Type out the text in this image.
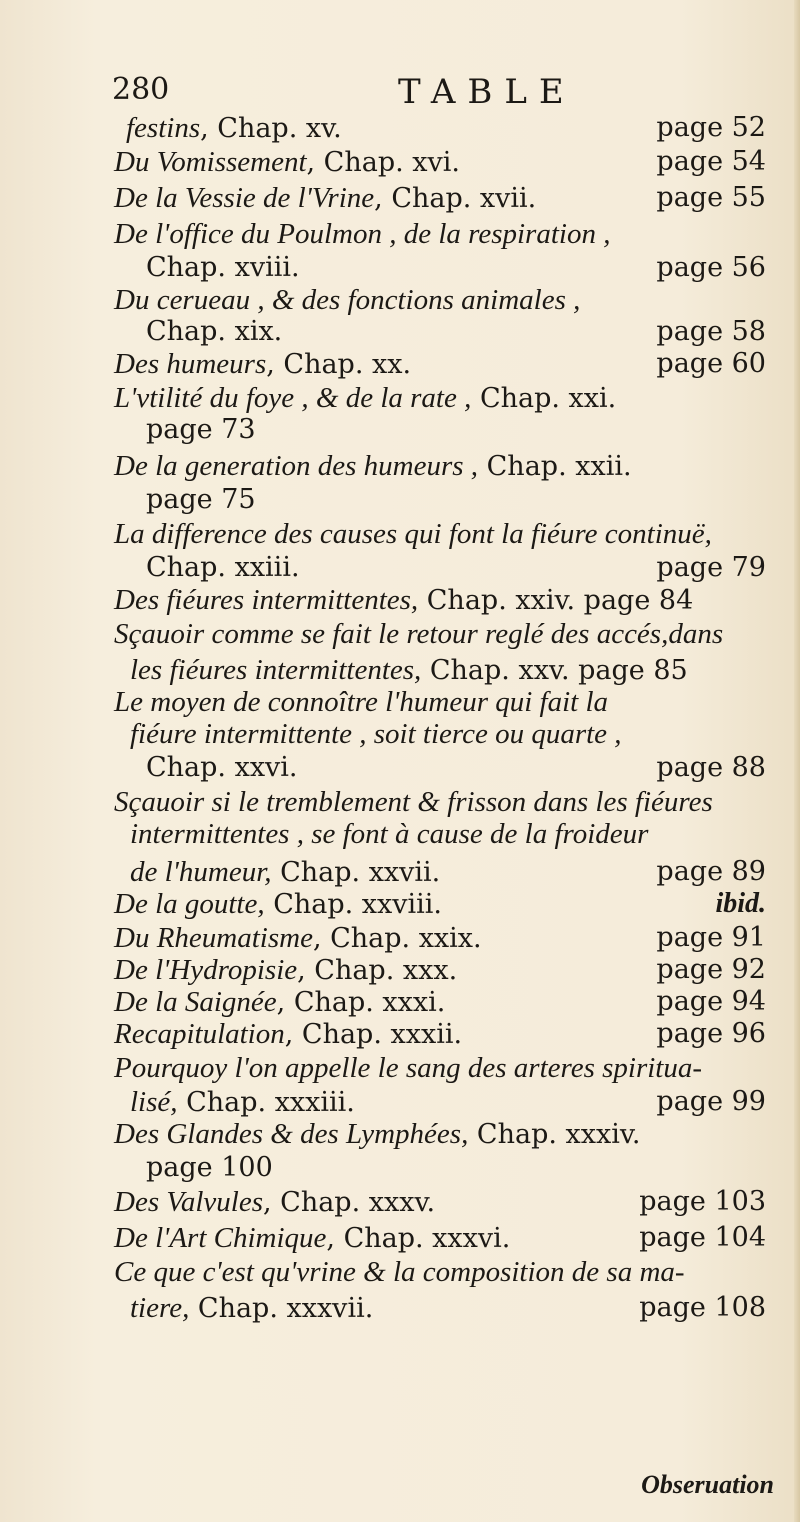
280	TABLE
festins, Chap. xv.	page 52
Du Vomissement, Chap. xvi.	page 54
De la Vessie de l'Vrine, Chap. xvii.	page 55
De l'office du Poulmon , de la respiration ,
Chap. xviii.	page 56
Du cerueau , & des fonctions animales ,
Chap. xix.	page 58
Des humeurs, Chap. xx.	page 60
L'vtilité du foye , & de la rate , Chap. xxi.
page 73
De la generation des humeurs , Chap. xxii.
page 75
La difference des causes qui font la fiéure continuë,
Chap. xxiii.	page 79
Des fiéures intermittentes, Chap. xxiv. page 84
Sçauoir comme se fait le retour reglé des accés,dans
les fiéures intermittentes, Chap. xxv. page 85
Le moyen de connoître l'humeur qui fait la
fiéure intermittente , soit tierce ou quarte ,
Chap. xxvi.	page 88
Sçauoir si le tremblement & frisson dans les fiéures
intermittentes , se font à cause de la froideur
de l'humeur, Chap. xxvii.	page 89
De la goutte, Chap. xxviii.	ibid.
Du Rheumatisme, Chap. xxix.	page 91
De l'Hydropisie, Chap. xxx.	page 92
De la Saignée, Chap. xxxi.	page 94
Recapitulation, Chap. xxxii.	page 96
Pourquoy l'on appelle le sang des arteres spiritua-
lisé, Chap. xxxiii.	page 99
Des Glandes & des Lymphées, Chap. xxxiv.
page 100
Des Valvules, Chap. xxxv.	page 103
De l'Art Chimique, Chap. xxxvi.	page 104
Ce que c'est qu'vrine & la composition de sa ma-
tiere, Chap. xxxvii.	page 108
Obseruation
